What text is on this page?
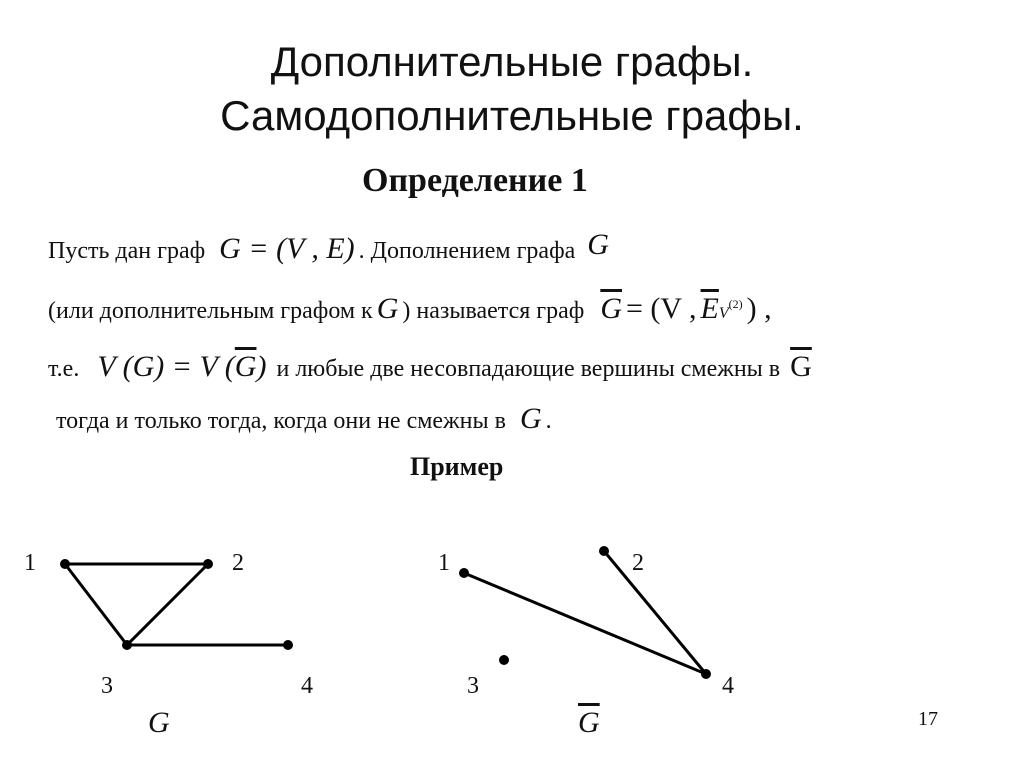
Дополнительные графы.
Самодополнительные графы.
Определение 1
Пусть дан граф G = (V , E) . Дополнением графа G
(или дополнительным графом к G ) называется граф $\overline{G} = (V$ , $\overline{E}V^{(2)}$ ) ,
т.е. V (G) = V $(\overline{G})$ и любые две несовпадающие вершины смежны в $\overline{G}$
тогда и только тогда, когда они не смежны в G .
Пример
1	2
3	4
G
1	2
3	4
$\overline{G}$	17
